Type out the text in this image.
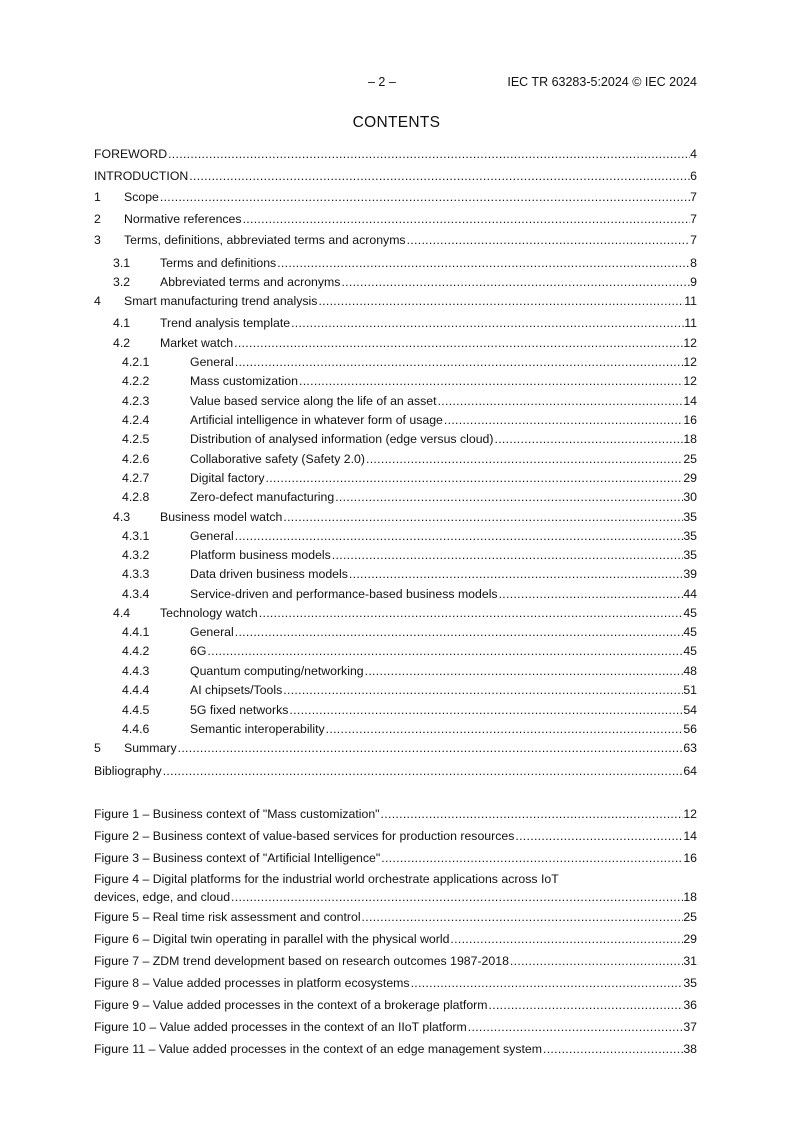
– 2 –	IEC TR 63283-5:2024 © IEC 2024
CONTENTS
FOREWORD .....	4
INTRODUCTION .....	6
1	Scope .....	7
2	Normative references .....	7
3	Terms, definitions, abbreviated terms and acronyms .....	7
3.1	Terms and definitions .....	8
3.2	Abbreviated terms and acronyms .....	9
4	Smart manufacturing trend analysis .....	11
4.1	Trend analysis template .....	11
4.2	Market watch .....	12
4.2.1	General .....	12
4.2.2	Mass customization .....	12
4.2.3	Value based service along the life of an asset .....	14
4.2.4	Artificial intelligence in whatever form of usage .....	16
4.2.5	Distribution of analysed information (edge versus cloud) .....	18
4.2.6	Collaborative safety (Safety 2.0) .....	25
4.2.7	Digital factory .....	29
4.2.8	Zero-defect manufacturing .....	30
4.3	Business model watch .....	35
4.3.1	General .....	35
4.3.2	Platform business models .....	35
4.3.3	Data driven business models .....	39
4.3.4	Service-driven and performance-based business models .....	44
4.4	Technology watch .....	45
4.4.1	General .....	45
4.4.2	6G .....	45
4.4.3	Quantum computing/networking .....	48
4.4.4	AI chipsets/Tools .....	51
4.4.5	5G fixed networks .....	54
4.4.6	Semantic interoperability .....	56
5	Summary .....	63
Bibliography .....	64
Figure 1 – Business context of "Mass customization" .....	12
Figure 2 – Business context of value-based services for production resources .....	14
Figure 3 – Business context of "Artificial Intelligence" .....	16
Figure 4 – Digital platforms for the industrial world orchestrate applications across IoT
devices, edge, and cloud .....	18
Figure 5 – Real time risk assessment and control .....	25
Figure 6 – Digital twin operating in parallel with the physical world .....	29
Figure 7 – ZDM trend development based on research outcomes 1987-2018 .....	31
Figure 8 – Value added processes in platform ecosystems .....	35
Figure 9 – Value added processes in the context of a brokerage platform .....	36
Figure 10 – Value added processes in the context of an IIoT platform .....	37
Figure 11 – Value added processes in the context of an edge management system .....	38
